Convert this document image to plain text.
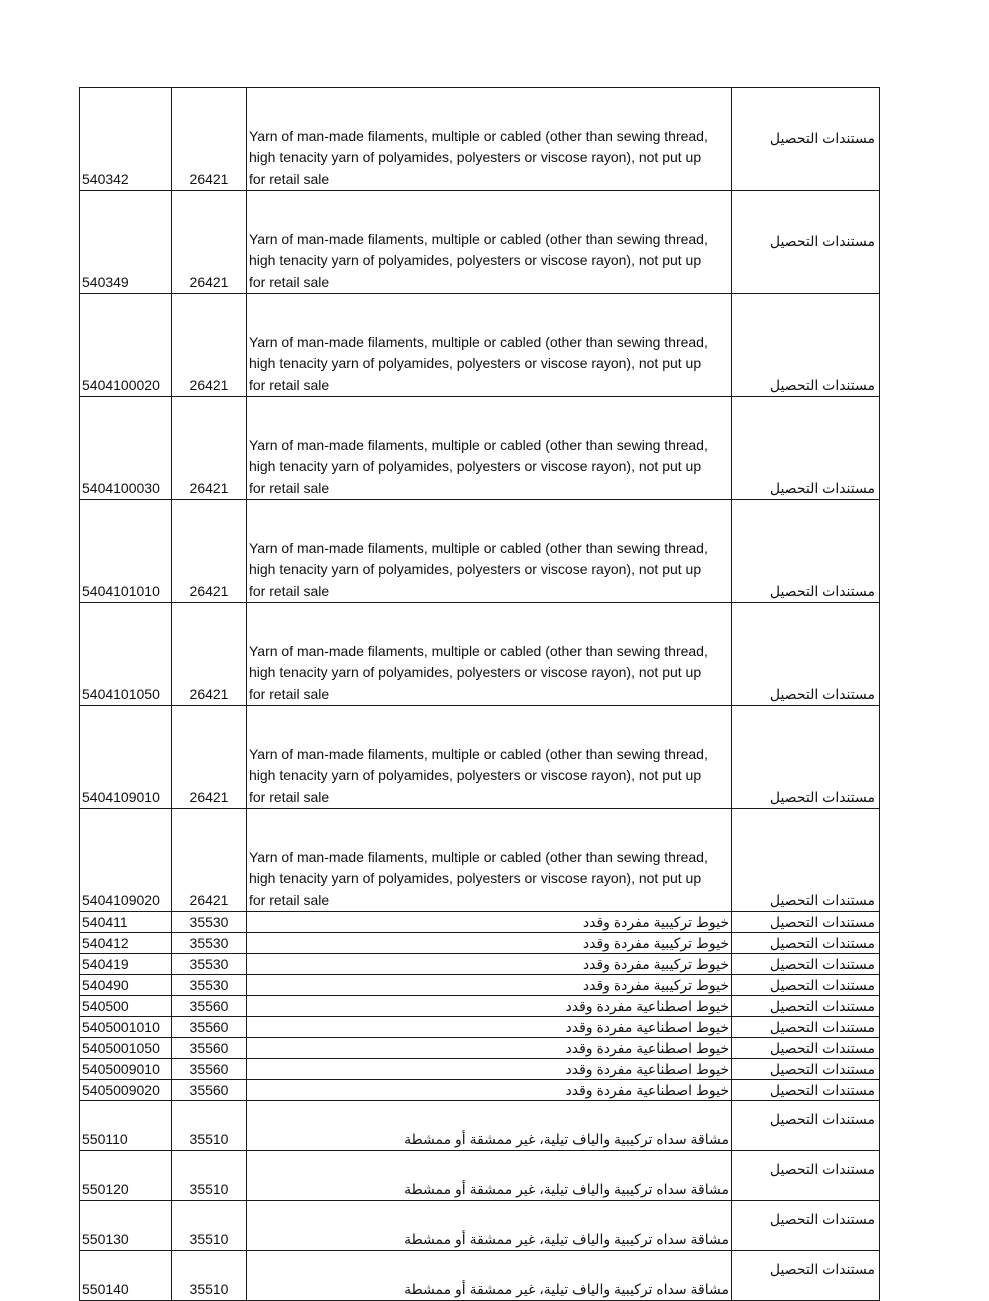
540342	26421	Yarn of man-made filaments, multiple or cabled (other than sewing thread, high tenacity yarn of polyamides, polyesters or viscose rayon), not put up for retail sale	مستندات التحصيل
540349	26421	Yarn of man-made filaments, multiple or cabled (other than sewing thread, high tenacity yarn of polyamides, polyesters or viscose rayon), not put up for retail sale	مستندات التحصيل
5404100020	26421	Yarn of man-made filaments, multiple or cabled (other than sewing thread, high tenacity yarn of polyamides, polyesters or viscose rayon), not put up for retail sale	مستندات التحصيل
5404100030	26421	Yarn of man-made filaments, multiple or cabled (other than sewing thread, high tenacity yarn of polyamides, polyesters or viscose rayon), not put up for retail sale	مستندات التحصيل
5404101010	26421	Yarn of man-made filaments, multiple or cabled (other than sewing thread, high tenacity yarn of polyamides, polyesters or viscose rayon), not put up for retail sale	مستندات التحصيل
5404101050	26421	Yarn of man-made filaments, multiple or cabled (other than sewing thread, high tenacity yarn of polyamides, polyesters or viscose rayon), not put up for retail sale	مستندات التحصيل
5404109010	26421	Yarn of man-made filaments, multiple or cabled (other than sewing thread, high tenacity yarn of polyamides, polyesters or viscose rayon), not put up for retail sale	مستندات التحصيل
5404109020	26421	Yarn of man-made filaments, multiple or cabled (other than sewing thread, high tenacity yarn of polyamides, polyesters or viscose rayon), not put up for retail sale	مستندات التحصيل
540411	35530	خيوط تركيبية مفردة وقدد	مستندات التحصيل
540412	35530	خيوط تركيبية مفردة وقدد	مستندات التحصيل
540419	35530	خيوط تركيبية مفردة وقدد	مستندات التحصيل
540490	35530	خيوط تركيبية مفردة وقدد	مستندات التحصيل
540500	35560	خيوط اصطناعية مفردة وقدد	مستندات التحصيل
5405001010	35560	خيوط اصطناعية مفردة وقدد	مستندات التحصيل
5405001050	35560	خيوط اصطناعية مفردة وقدد	مستندات التحصيل
5405009010	35560	خيوط اصطناعية مفردة وقدد	مستندات التحصيل
5405009020	35560	خيوط اصطناعية مفردة وقدد	مستندات التحصيل
550110	35510	مشاقة سداه تركيبية والياف تيلية، غير ممشقة أو ممشطة	مستندات التحصيل
550120	35510	مشاقة سداه تركيبية والياف تيلية، غير ممشقة أو ممشطة	مستندات التحصيل
550130	35510	مشاقة سداه تركيبية والياف تيلية، غير ممشقة أو ممشطة	مستندات التحصيل
550140	35510	مشاقة سداه تركيبية والياف تيلية، غير ممشقة أو ممشطة	مستندات التحصيل
